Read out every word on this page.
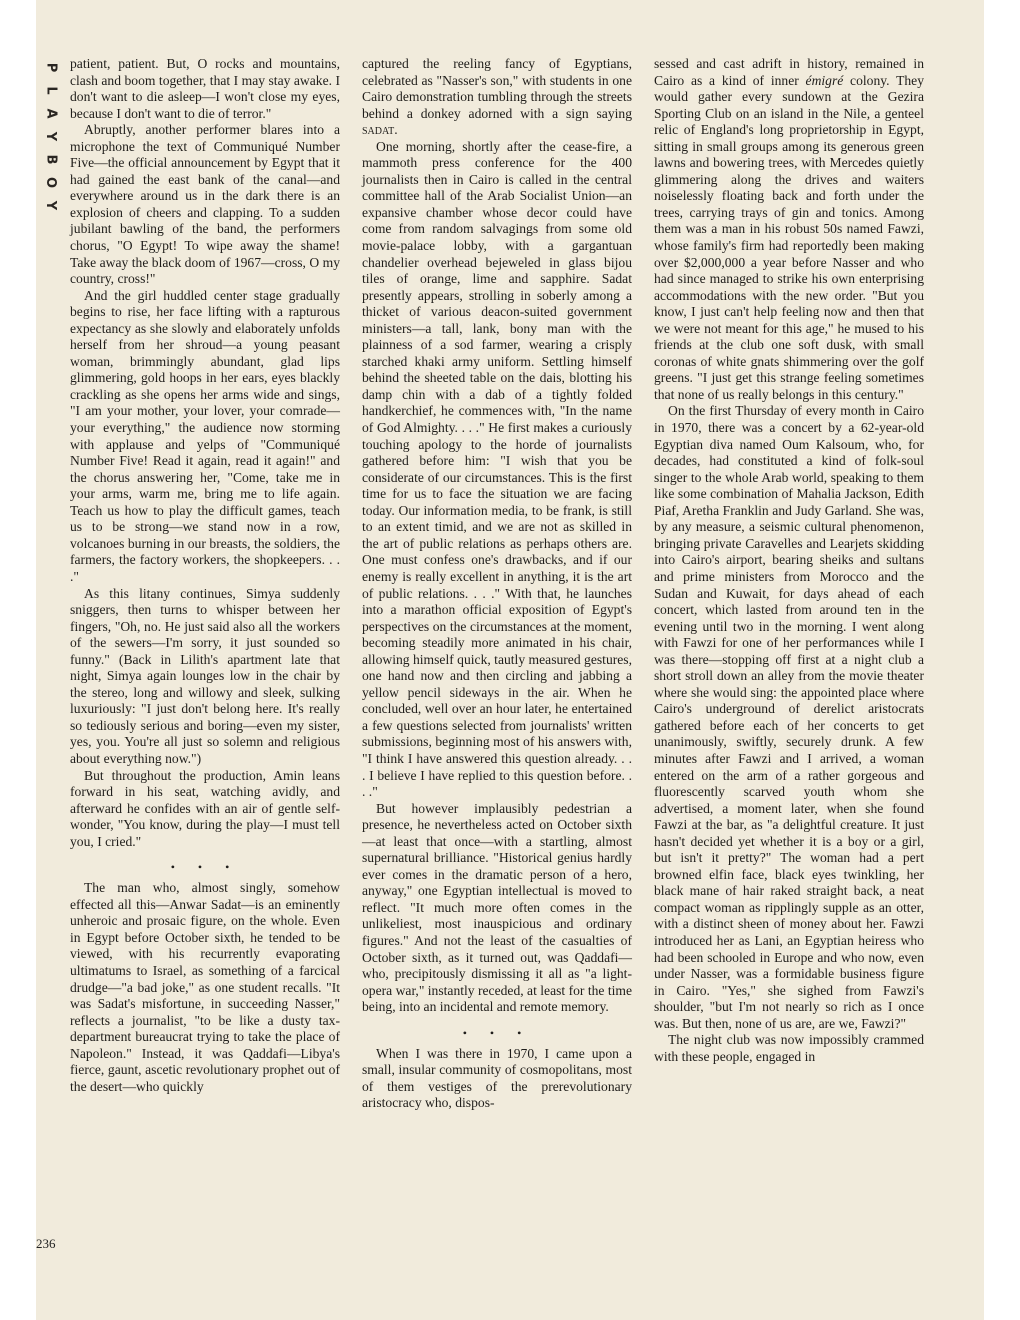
P
L
A
Y
B
O
Y
236

patient, patient. But, O rocks and mountains, clash and boom together, that I may stay awake. I don't want to die asleep—I won't close my eyes, because I don't want to die of terror."

Abruptly, another performer blares into a microphone the text of Communiqué Number Five—the official announcement by Egypt that it had gained the east bank of the canal—and everywhere around us in the dark there is an explosion of cheers and clapping. To a sudden jubilant bawling of the band, the performers chorus, "O Egypt! To wipe away the shame! Take away the black doom of 1967—cross, O my country, cross!"

And the girl huddled center stage gradually begins to rise, her face lifting with a rapturous expectancy as she slowly and elaborately unfolds herself from her shroud—a young peasant woman, brimmingly abundant, glad lips glimmering, gold hoops in her ears, eyes blackly crackling as she opens her arms wide and sings, "I am your mother, your lover, your comrade—your everything," the audience now storming with applause and yelps of "Communiqué Number Five! Read it again, read it again!" and the chorus answering her, "Come, take me in your arms, warm me, bring me to life again. Teach us how to play the difficult games, teach us to be strong—we stand now in a row, volcanoes burning in our breasts, the soldiers, the farmers, the factory workers, the shopkeepers. . . ."

As this litany continues, Simya suddenly sniggers, then turns to whisper between her fingers, "Oh, no. He just said also all the workers of the sewers—I'm sorry, it just sounded so funny." (Back in Lilith's apartment late that night, Simya again lounges low in the chair by the stereo, long and willowy and sleek, sulking luxuriously: "I just don't belong here. It's really so tediously serious and boring—even my sister, yes, you. You're all just so solemn and religious about everything now.")

But throughout the production, Amin leans forward in his seat, watching avidly, and afterward he confides with an air of gentle self-wonder, "You know, during the play—I must tell you, I cried."

• • •

The man who, almost singly, somehow effected all this—Anwar Sadat—is an eminently unheroic and prosaic figure, on the whole. Even in Egypt before October sixth, he tended to be viewed, with his recurrently evaporating ultimatums to Israel, as something of a farcical drudge—"a bad joke," as one student recalls. "It was Sadat's misfortune, in succeeding Nasser," reflects a journalist, "to be like a dusty tax-department bureaucrat trying to take the place of Napoleon." Instead, it was Qaddafi—Libya's fierce, gaunt, ascetic revolutionary prophet out of the desert—who quickly

captured the reeling fancy of Egyptians, celebrated as "Nasser's son," with students in one Cairo demonstration tumbling through the streets behind a donkey adorned with a sign saying sadat.

One morning, shortly after the cease-fire, a mammoth press conference for the 400 journalists then in Cairo is called in the central committee hall of the Arab Socialist Union—an expansive chamber whose decor could have come from random salvagings from some old movie-palace lobby, with a gargantuan chandelier overhead bejeweled in glass bijou tiles of orange, lime and sapphire. Sadat presently appears, strolling in soberly among a thicket of various deacon-suited government ministers—a tall, lank, bony man with the plainness of a sod farmer, wearing a crisply starched khaki army uniform. Settling himself behind the sheeted table on the dais, blotting his damp chin with a dab of a tightly folded handkerchief, he commences with, "In the name of God Almighty. . . ." He first makes a curiously touching apology to the horde of journalists gathered before him: "I wish that you be considerate of our circumstances. This is the first time for us to face the situation we are facing today. Our information media, to be frank, is still to an extent timid, and we are not as skilled in the art of public relations as perhaps others are. One must confess one's drawbacks, and if our enemy is really excellent in anything, it is the art of public relations. . . ." With that, he launches into a marathon official exposition of Egypt's perspectives on the circumstances at the moment, becoming steadily more animated in his chair, allowing himself quick, tautly measured gestures, one hand now and then circling and jabbing a yellow pencil sideways in the air. When he concluded, well over an hour later, he entertained a few questions selected from journalists' written submissions, beginning most of his answers with, "I think I have answered this question already. . . . I believe I have replied to this question before. . . ."

But however implausibly pedestrian a presence, he nevertheless acted on October sixth—at least that once—with a startling, almost supernatural brilliance. "Historical genius hardly ever comes in the dramatic person of a hero, anyway," one Egyptian intellectual is moved to reflect. "It much more often comes in the unlikeliest, most inauspicious and ordinary figures." And not the least of the casualties of October sixth, as it turned out, was Qaddafi—who, precipitously dismissing it all as "a light-opera war," instantly receded, at least for the time being, into an incidental and remote memory.

• • •

When I was there in 1970, I came upon a small, insular community of cosmopolitans, most of them vestiges of the prerevolutionary aristocracy who, dispos-

sessed and cast adrift in history, remained in Cairo as a kind of inner émigré colony. They would gather every sundown at the Gezira Sporting Club on an island in the Nile, a genteel relic of England's long proprietorship in Egypt, sitting in small groups among its generous green lawns and bowering trees, with Mercedes quietly glimmering along the drives and waiters noiselessly floating back and forth under the trees, carrying trays of gin and tonics. Among them was a man in his robust 50s named Fawzi, whose family's firm had reportedly been making over $2,000,000 a year before Nasser and who had since managed to strike his own enterprising accommodations with the new order. "But you know, I just can't help feeling now and then that we were not meant for this age," he mused to his friends at the club one soft dusk, with small coronas of white gnats shimmering over the golf greens. "I just get this strange feeling sometimes that none of us really belongs in this century."

On the first Thursday of every month in Cairo in 1970, there was a concert by a 62-year-old Egyptian diva named Oum Kalsoum, who, for decades, had constituted a kind of folk-soul singer to the whole Arab world, speaking to them like some combination of Mahalia Jackson, Edith Piaf, Aretha Franklin and Judy Garland. She was, by any measure, a seismic cultural phenomenon, bringing private Caravelles and Learjets skidding into Cairo's airport, bearing sheiks and sultans and prime ministers from Morocco and the Sudan and Kuwait, for days ahead of each concert, which lasted from around ten in the evening until two in the morning. I went along with Fawzi for one of her performances while I was there—stopping off first at a night club a short stroll down an alley from the movie theater where she would sing: the appointed place where Cairo's underground of derelict aristocrats gathered before each of her concerts to get unanimously, swiftly, securely drunk. A few minutes after Fawzi and I arrived, a woman entered on the arm of a rather gorgeous and fluorescently scarved youth whom she advertised, a moment later, when she found Fawzi at the bar, as "a delightful creature. It just hasn't decided yet whether it is a boy or a girl, but isn't it pretty?" The woman had a pert browned elfin face, black eyes twinkling, her black mane of hair raked straight back, a neat compact woman as ripplingly supple as an otter, with a distinct sheen of money about her. Fawzi introduced her as Lani, an Egyptian heiress who had been schooled in Europe and who now, even under Nasser, was a formidable business figure in Cairo. "Yes," she sighed from Fawzi's shoulder, "but I'm not nearly so rich as I once was. But then, none of us are, are we, Fawzi?"

The night club was now impossibly crammed with these people, engaged in
